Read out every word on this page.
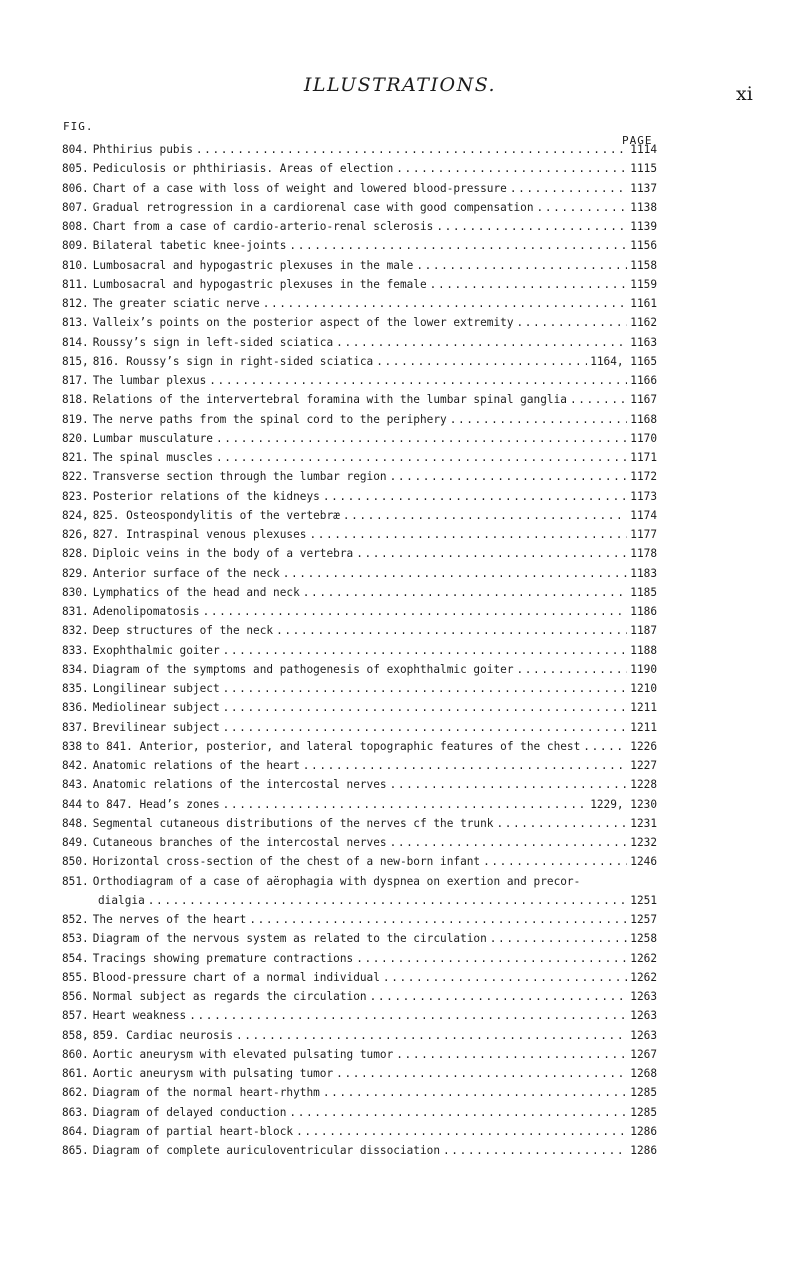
ILLUSTRATIONS.	xi
FIG.
PAGE
804. Phthirius pubis .....	1114
805. Pediculosis or phthiriasis. Areas of election .....	1115
806. Chart of a case with loss of weight and lowered blood-pressure .....	1137
807. Gradual retrogression in a cardiorenal case with good compensation .....	1138
808. Chart from a case of cardio-arterio-renal sclerosis .....	1139
809. Bilateral tabetic knee-joints .....	1156
810. Lumbosacral and hypogastric plexuses in the male .....	1158
811. Lumbosacral and hypogastric plexuses in the female .....	1159
812. The greater sciatic nerve .....	1161
813. Valleix’s points on the posterior aspect of the lower extremity .....	1162
814. Roussy’s sign in left-sided sciatica .....	1163
815, 816. Roussy’s sign in right-sided sciatica .....	1164, 1165
817. The lumbar plexus .....	1166
818. Relations of the intervertebral foramina with the lumbar spinal ganglia .....	1167
819. The nerve paths from the spinal cord to the periphery .....	1168
820. Lumbar musculature .....	1170
821. The spinal muscles .....	1171
822. Transverse section through the lumbar region .....	1172
823. Posterior relations of the kidneys .....	1173
824, 825. Osteospondylitis of the vertebræ .....	1174
826, 827. Intraspinal venous plexuses .....	1177
828. Diploic veins in the body of a vertebra .....	1178
829. Anterior surface of the neck .....	1183
830. Lymphatics of the head and neck .....	1185
831. Adenolipomatosis .....	1186
832. Deep structures of the neck .....	1187
833. Exophthalmic goiter .....	1188
834. Diagram of the symptoms and pathogenesis of exophthalmic goiter .....	1190
835. Longilinear subject .....	1210
836. Mediolinear subject .....	1211
837. Brevilinear subject .....	1211
838 to 841. Anterior, posterior, and lateral topographic features of the chest .....	1226
842. Anatomic relations of the heart .....	1227
843. Anatomic relations of the intercostal nerves .....	1228
844 to 847. Head’s zones .....	1229, 1230
848. Segmental cutaneous distributions of the nerves cf the trunk .....	1231
849. Cutaneous branches of the intercostal nerves .....	1232
850. Horizontal cross-section of the chest of a new-born infant .....	1246
851. Orthodiagram of a case of aërophagia with dyspnea on exertion and precor-
dialgia .....	1251
852. The nerves of the heart .....	1257
853. Diagram of the nervous system as related to the circulation .....	1258
854. Tracings showing premature contractions .....	1262
855. Blood-pressure chart of a normal individual .....	1262
856. Normal subject as regards the circulation .....	1263
857. Heart weakness .....	1263
858, 859. Cardiac neurosis .....	1263
860. Aortic aneurysm with elevated pulsating tumor .....	1267
861. Aortic aneurysm with pulsating tumor .....	1268
862. Diagram of the normal heart-rhythm .....	1285
863. Diagram of delayed conduction .....	1285
864. Diagram of partial heart-block .....	1286
865. Diagram of complete auriculoventricular dissociation .....	1286
